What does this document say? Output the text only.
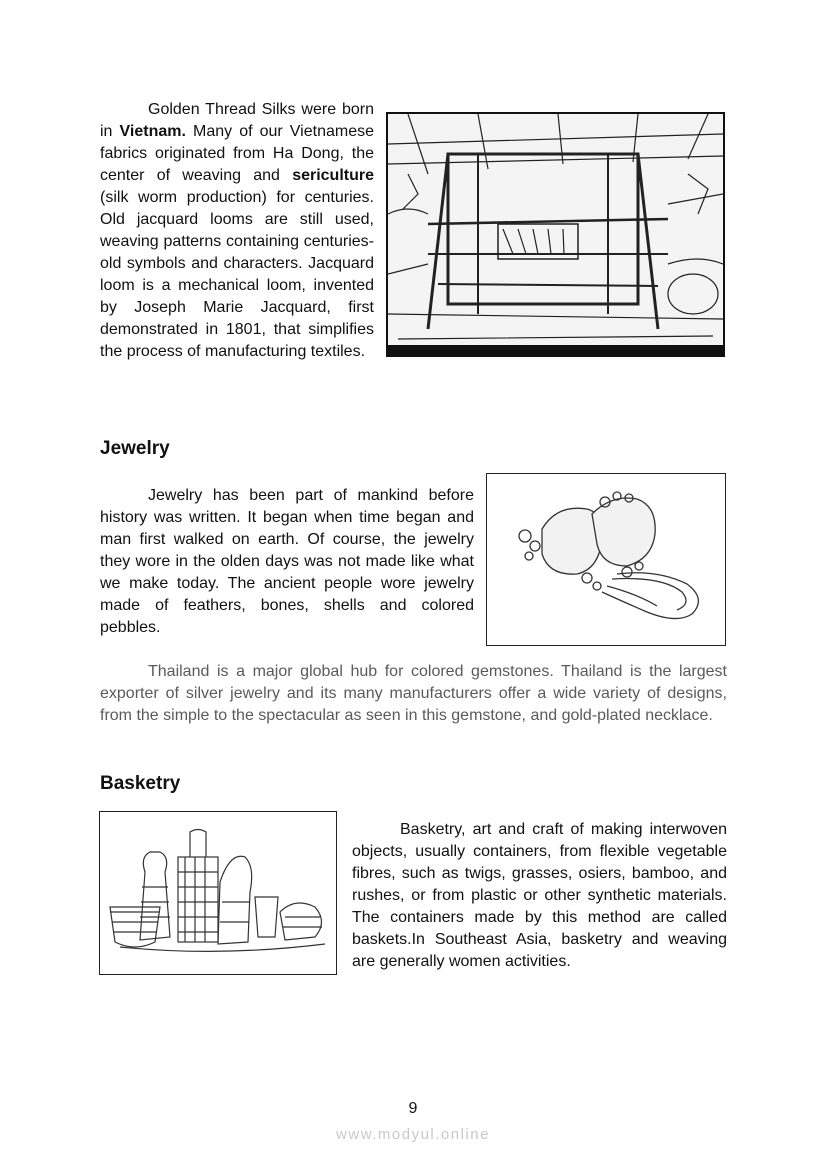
Golden Thread Silks were born in Vietnam. Many of our Vietnamese fabrics originated from Ha Dong, the center of weaving and sericulture (silk worm production) for centuries. Old jacquard looms are still used, weaving patterns containing centuries-old symbols and characters. Jacquard loom is a mechanical loom, invented by Joseph Marie Jacquard, first demonstrated in 1801, that simplifies the process of manufacturing textiles.

Jewelry

Jewelry has been part of mankind before history was written. It began when time began and man first walked on earth. Of course, the jewelry they wore in the olden days was not made like what we make today. The ancient people wore jewelry made of feathers, bones, shells and colored pebbles.

Thailand is a major global hub for colored gemstones. Thailand is the largest exporter of silver jewelry and its many manufacturers offer a wide variety of designs, from the simple to the spectacular as seen in this gemstone, and gold-plated necklace.

Basketry

Basketry, art and craft of making interwoven objects, usually containers, from flexible vegetable fibres, such as twigs, grasses, osiers, bamboo, and rushes, or from plastic or other synthetic materials. The containers made by this method are called baskets.In Southeast Asia, basketry and weaving are generally women activities.

9
www.modyul.online
